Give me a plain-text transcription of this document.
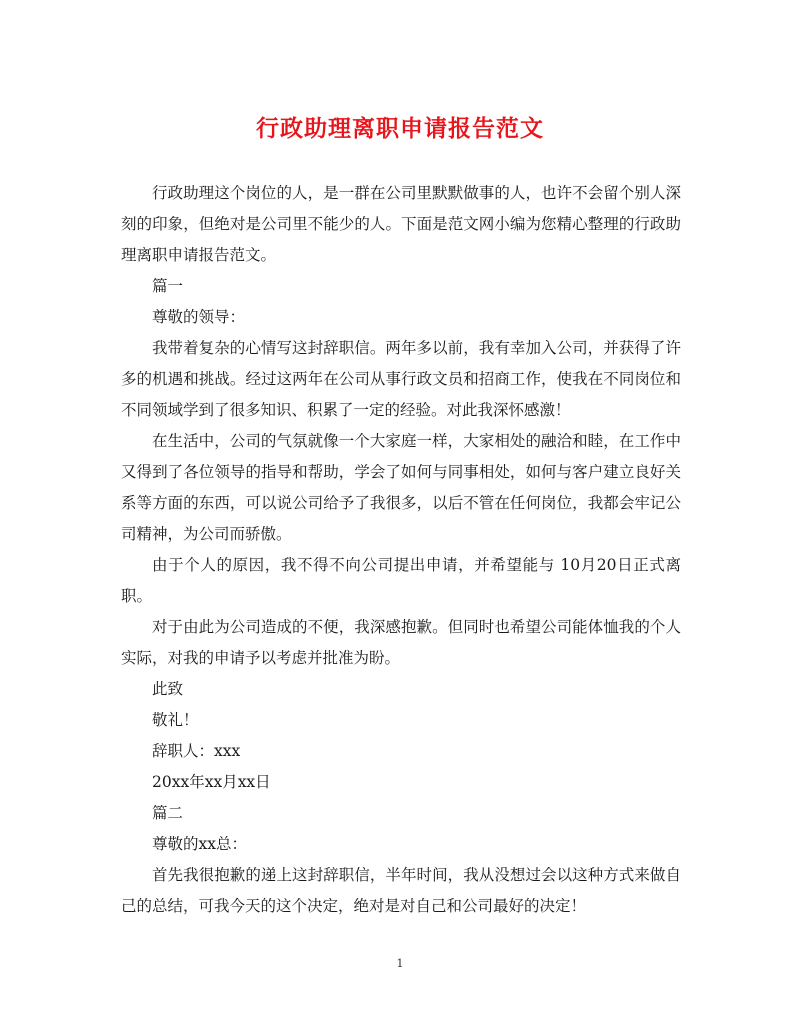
行政助理离职申请报告范文

行政助理这个岗位的人，是一群在公司里默默做事的人，也许不会留个别人深刻的印象，但绝对是公司里不能少的人。下面是范文网小编为您精心整理的行政助理离职申请报告范文。

篇一

尊敬的领导：

我带着复杂的心情写这封辞职信。两年多以前，我有幸加入公司，并获得了许多的机遇和挑战。经过这两年在公司从事行政文员和招商工作，使我在不同岗位和不同领域学到了很多知识、积累了一定的经验。对此我深怀感激！

在生活中，公司的气氛就像一个大家庭一样，大家相处的融洽和睦，在工作中又得到了各位领导的指导和帮助，学会了如何与同事相处，如何与客户建立良好关系等方面的东西，可以说公司给予了我很多，以后不管在任何岗位，我都会牢记公司精神，为公司而骄傲。

由于个人的原因，我不得不向公司提出申请，并希望能与 10月20日正式离职。

对于由此为公司造成的不便，我深感抱歉。但同时也希望公司能体恤我的个人实际，对我的申请予以考虑并批准为盼。

此致

敬礼！

辞职人：xxx

20xx年xx月xx日

篇二

尊敬的xx总：

首先我很抱歉的递上这封辞职信，半年时间，我从没想过会以这种方式来做自己的总结，可我今天的这个决定，绝对是对自己和公司最好的决定！

1
